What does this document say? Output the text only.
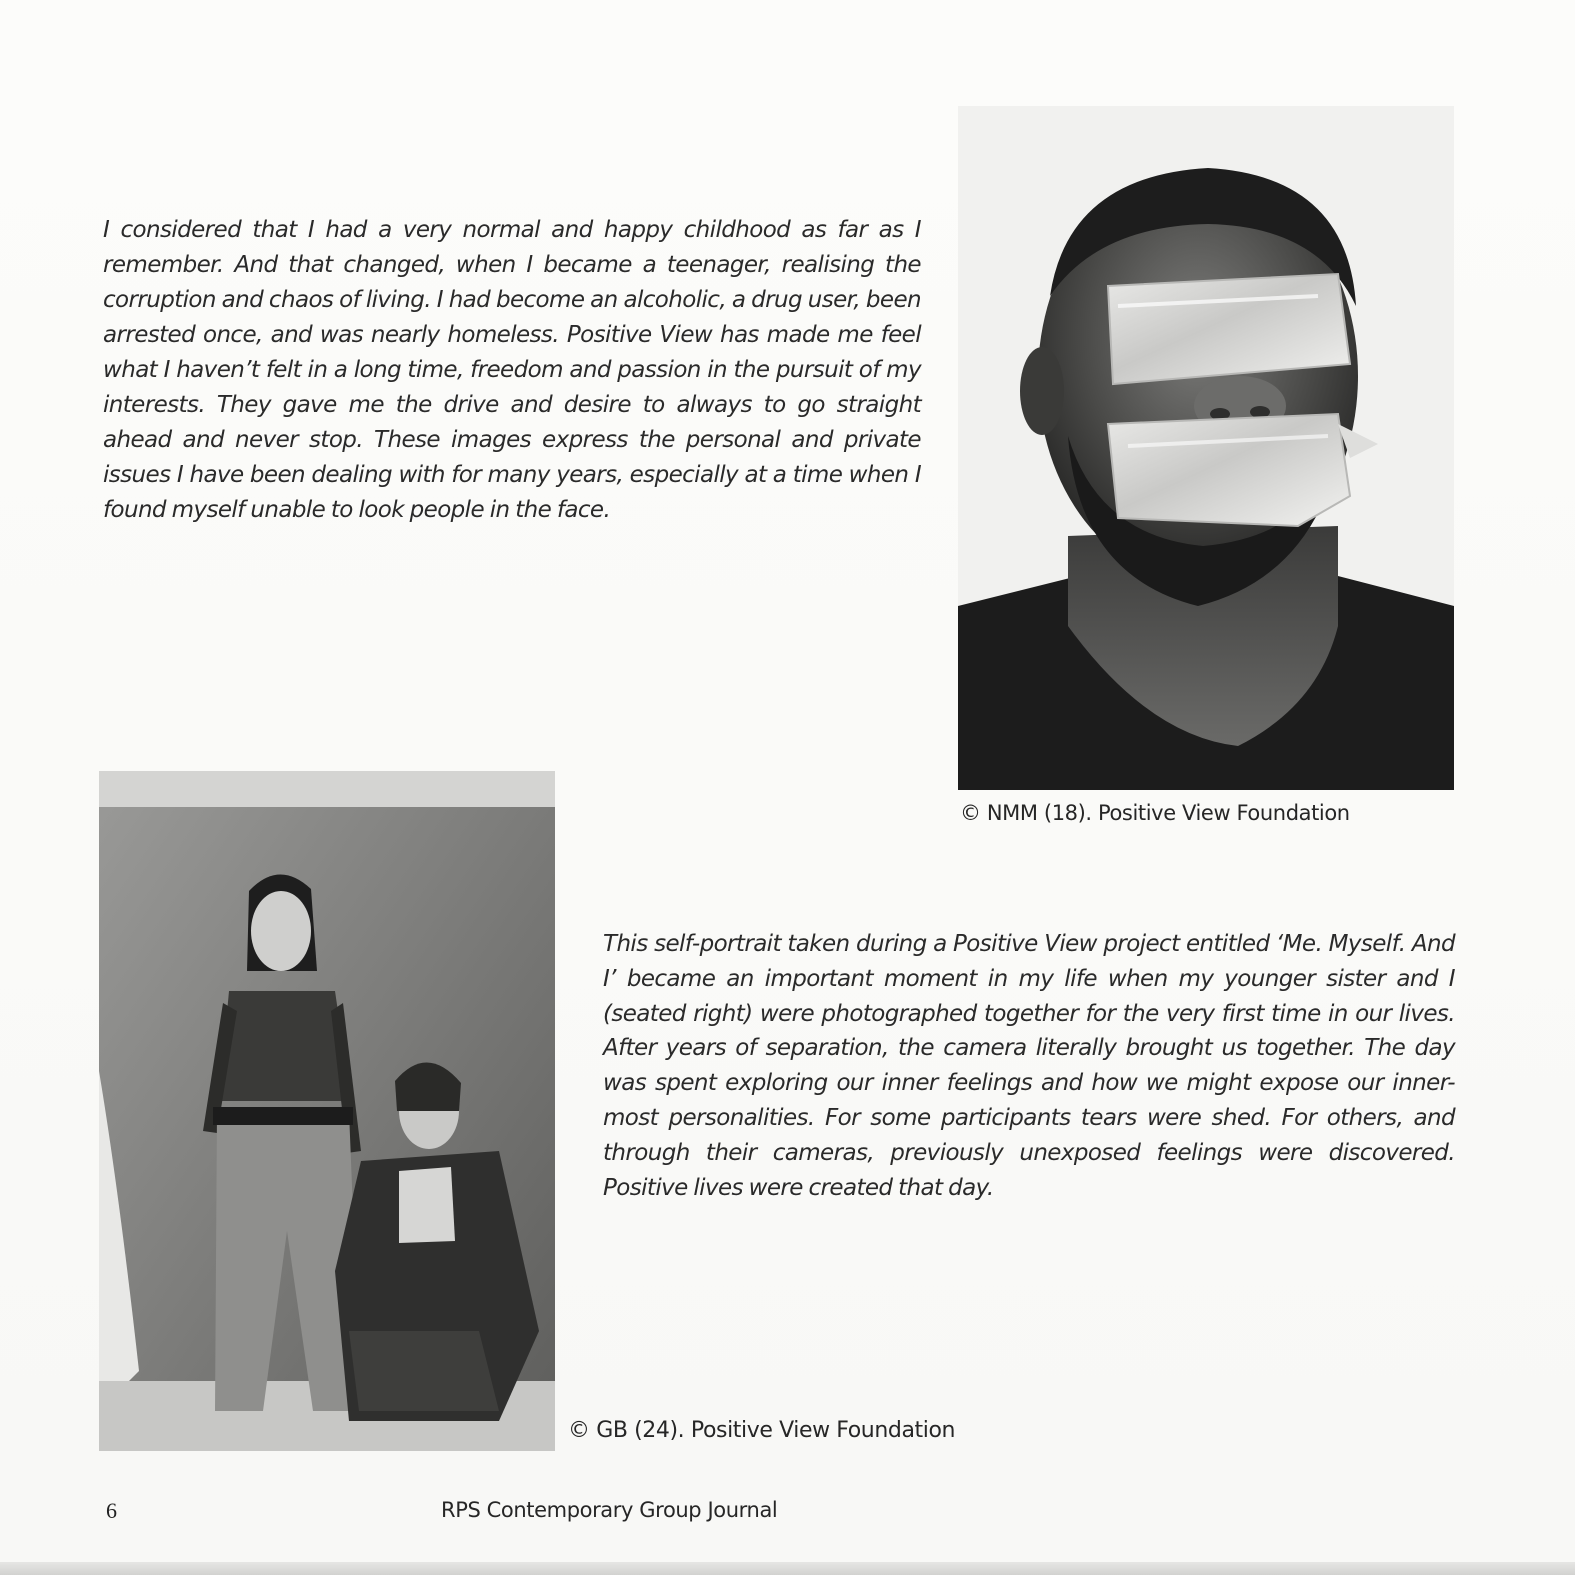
I considered that I had a very normal and happy childhood as far as I remember. And that changed, when I became a teenager, realising the corruption and chaos of living. I had become an alcoholic, a drug user, been arrested once, and was nearly homeless. Positive View has made me feel what I haven’t felt in a long time, freedom and passion in the pursuit of my interests. They gave me the drive and desire to always to go straight ahead and never stop. These images express the personal and private issues I have been dealing with for many years, especially at a time when I found myself unable to look people in the face.

© NMM (18). Positive View Foundation

This self-portrait taken during a Positive View project entitled ‘Me. Myself. And I’ became an important moment in my life when my younger sister and I (seated right) were photographed together for the very first time in our lives. After years of separation, the camera literally brought us together. The day was spent exploring our inner feelings and how we might expose our inner-most personalities. For some participants tears were shed. For others, and through their cameras, previously unexposed feelings were discovered. Positive lives were created that day.

© GB (24). Positive View Foundation
6	RPS Contemporary Group Journal
